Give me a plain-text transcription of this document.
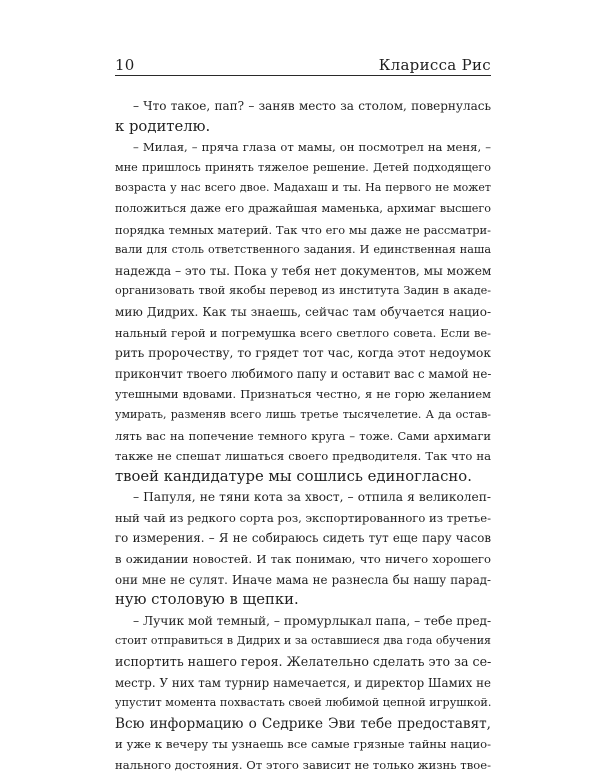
10	Кларисса Рис
– Что такое, пап? – заняв место за столом, повернулась
к родителю.
– Милая, – пряча глаза от мамы, он посмотрел на меня, –
мне пришлось принять тяжелое решение. Детей подходящего
возраста у нас всего двое. Мадахаш и ты. На первого не может
положиться даже его дражайшая маменька, архимаг высшего
порядка темных материй. Так что его мы даже не рассматри-
вали для столь ответственного задания. И единственная наша
надежда – это ты. Пока у тебя нет документов, мы можем
организовать твой якобы перевод из института Задин в акаде-
мию Дидрих. Как ты знаешь, сейчас там обучается нацио-
нальный герой и погремушка всего светлого совета. Если ве-
рить пророчеству, то грядет тот час, когда этот недоумок
прикончит твоего любимого папу и оставит вас с мамой не-
утешными вдовами. Признаться честно, я не горю желанием
умирать, разменяв всего лишь третье тысячелетие. А да остав-
лять вас на попечение темного круга – тоже. Сами архимаги
также не спешат лишаться своего предводителя. Так что на
твоей кандидатуре мы сошлись единогласно.
– Папуля, не тяни кота за хвост, – отпила я великолеп-
ный чай из редкого сорта роз, экспортированного из третье-
го измерения. – Я не собираюсь сидеть тут еще пару часов
в ожидании новостей. И так понимаю, что ничего хорошего
они мне не сулят. Иначе мама не разнесла бы нашу парад-
ную столовую в щепки.
– Лучик мой темный, – промурлыкал папа, – тебе пред-
стоит отправиться в Дидрих и за оставшиеся два года обучения
испортить нашего героя. Желательно сделать это за се-
местр. У них там турнир намечается, и директор Шамих не
упустит момента похвастать своей любимой цепной игрушкой.
Всю информацию о Седрике Эви тебе предоставят,
и уже к вечеру ты узнаешь все самые грязные тайны нацио-
нального достояния. От этого зависит не только жизнь твое-
